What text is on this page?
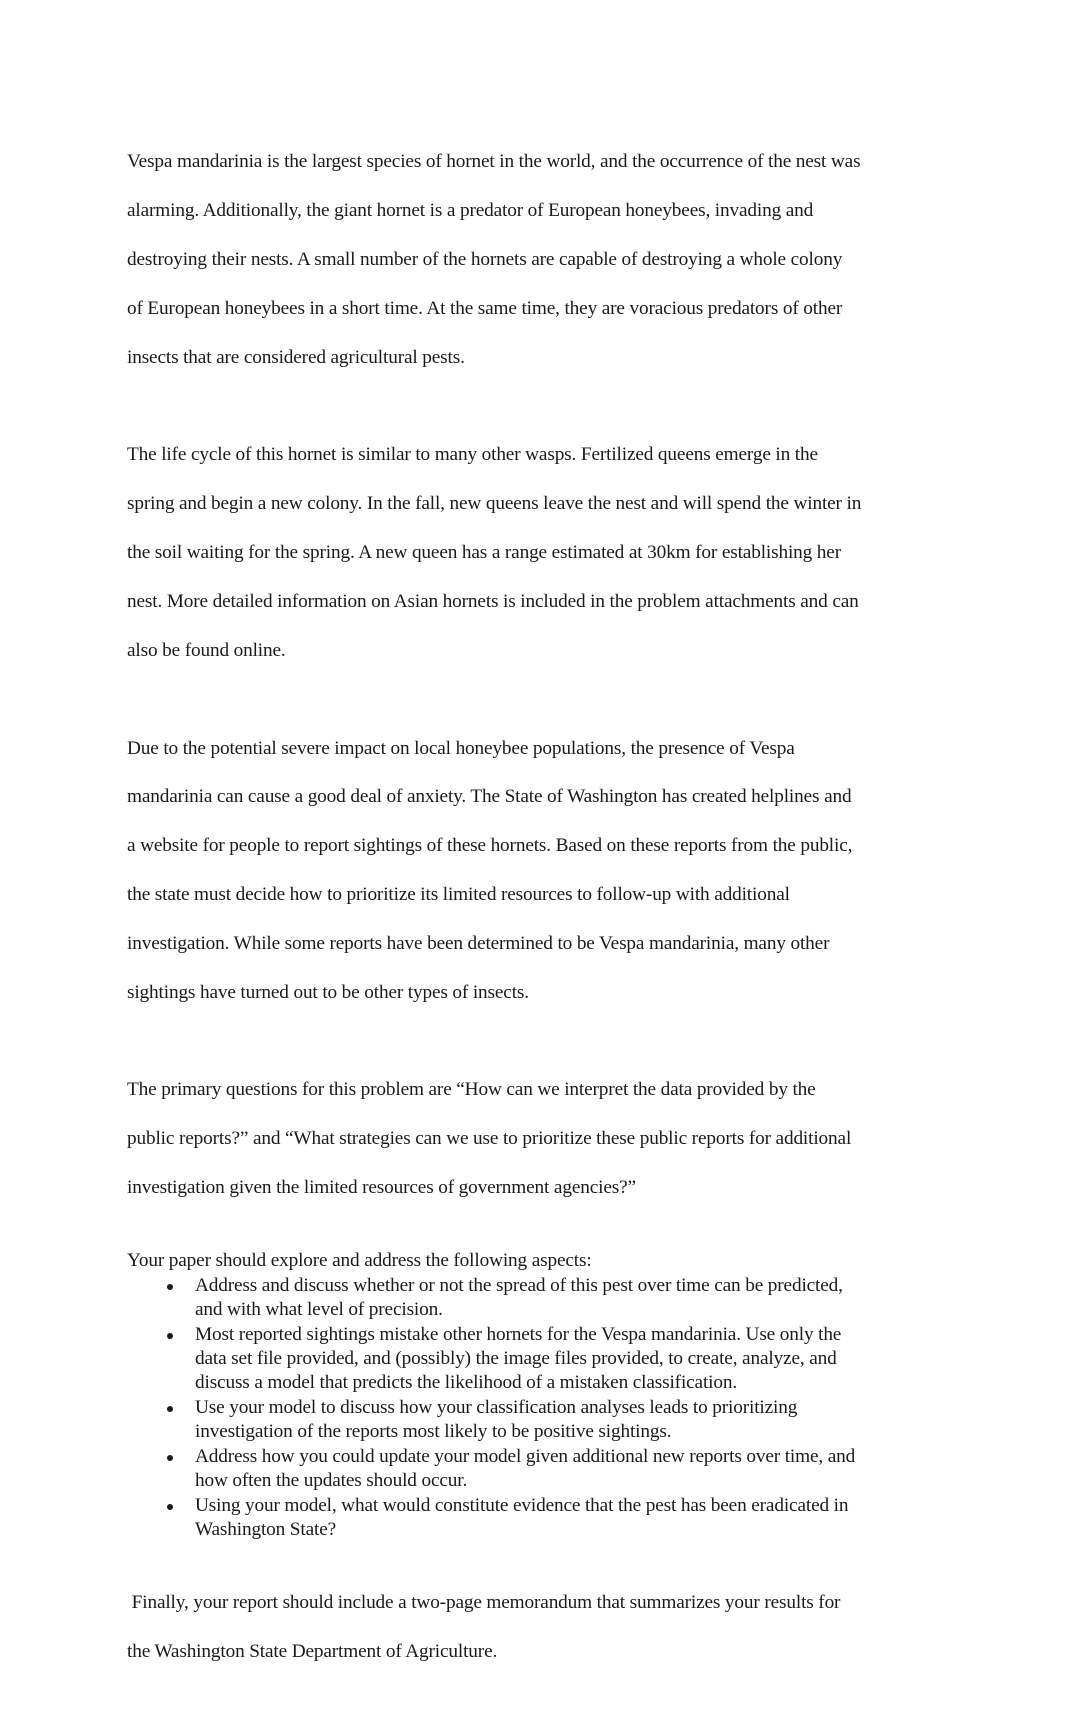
Vespa mandarinia is the largest species of hornet in the world, and the occurrence of the nest was

alarming. Additionally, the giant hornet is a predator of European honeybees, invading and

destroying their nests. A small number of the hornets are capable of destroying a whole colony

of European honeybees in a short time. At the same time, they are voracious predators of other

insects that are considered agricultural pests.

The life cycle of this hornet is similar to many other wasps. Fertilized queens emerge in the

spring and begin a new colony. In the fall, new queens leave the nest and will spend the winter in

the soil waiting for the spring. A new queen has a range estimated at 30km for establishing her

nest. More detailed information on Asian hornets is included in the problem attachments and can

also be found online.

Due to the potential severe impact on local honeybee populations, the presence of Vespa

mandarinia can cause a good deal of anxiety. The State of Washington has created helplines and

a website for people to report sightings of these hornets. Based on these reports from the public,

the state must decide how to prioritize its limited resources to follow-up with additional

investigation. While some reports have been determined to be Vespa mandarinia, many other

sightings have turned out to be other types of insects.

The primary questions for this problem are “How can we interpret the data provided by the

public reports?” and “What strategies can we use to prioritize these public reports for additional

investigation given the limited resources of government agencies?”

Your paper should explore and address the following aspects:

Address and discuss whether or not the spread of this pest over time can be predicted,
and with what level of precision.
Most reported sightings mistake other hornets for the Vespa mandarinia. Use only the
data set file provided, and (possibly) the image files provided, to create, analyze, and
discuss a model that predicts the likelihood of a mistaken classification.
Use your model to discuss how your classification analyses leads to prioritizing
investigation of the reports most likely to be positive sightings.
Address how you could update your model given additional new reports over time, and
how often the updates should occur.
Using your model, what would constitute evidence that the pest has been eradicated in
Washington State?

Finally, your report should include a two-page memorandum that summarizes your results for

the Washington State Department of Agriculture.
